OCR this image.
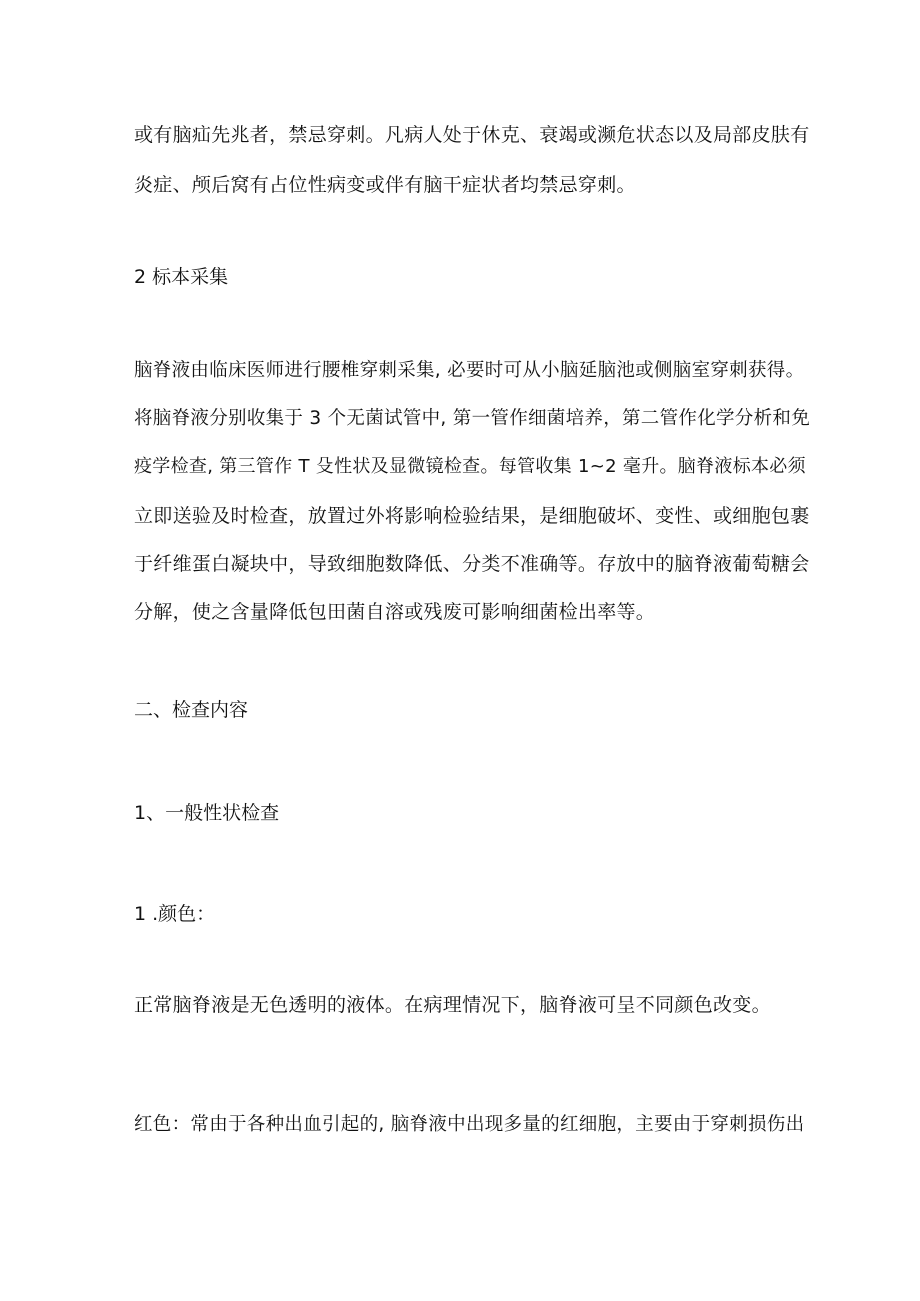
或有脑疝先兆者，禁忌穿刺。凡病人处于休克、衰竭或濒危状态以及局部皮肤有
炎症、颅后窝有占位性病变或伴有脑干症状者均禁忌穿刺。
2 标本采集
脑脊液由临床医师进行腰椎穿刺采集, 必要时可从小脑延脑池或侧脑室穿刺获得。
将脑脊液分别收集于 3 个无菌试管中, 第一管作细菌培养，第二管作化学分析和免
疫学检查, 第三管作 T 殳性状及显微镜检查。每管收集 1~2 毫升。脑脊液标本必须
立即送验及时检查，放置过外将影响检验结果，是细胞破坏、变性、或细胞包裹
于纤维蛋白凝块中，导致细胞数降低、分类不准确等。存放中的脑脊液葡萄糖会
分解，使之含量降低包田菌自溶或残废可影响细菌检出率等。
二、检查内容
1、一般性状检查
1 .颜色：
正常脑脊液是无色透明的液体。在病理情况下，脑脊液可呈不同颜色改变。
红色：常由于各种出血引起的, 脑脊液中出现多量的红细胞，主要由于穿刺损伤出
